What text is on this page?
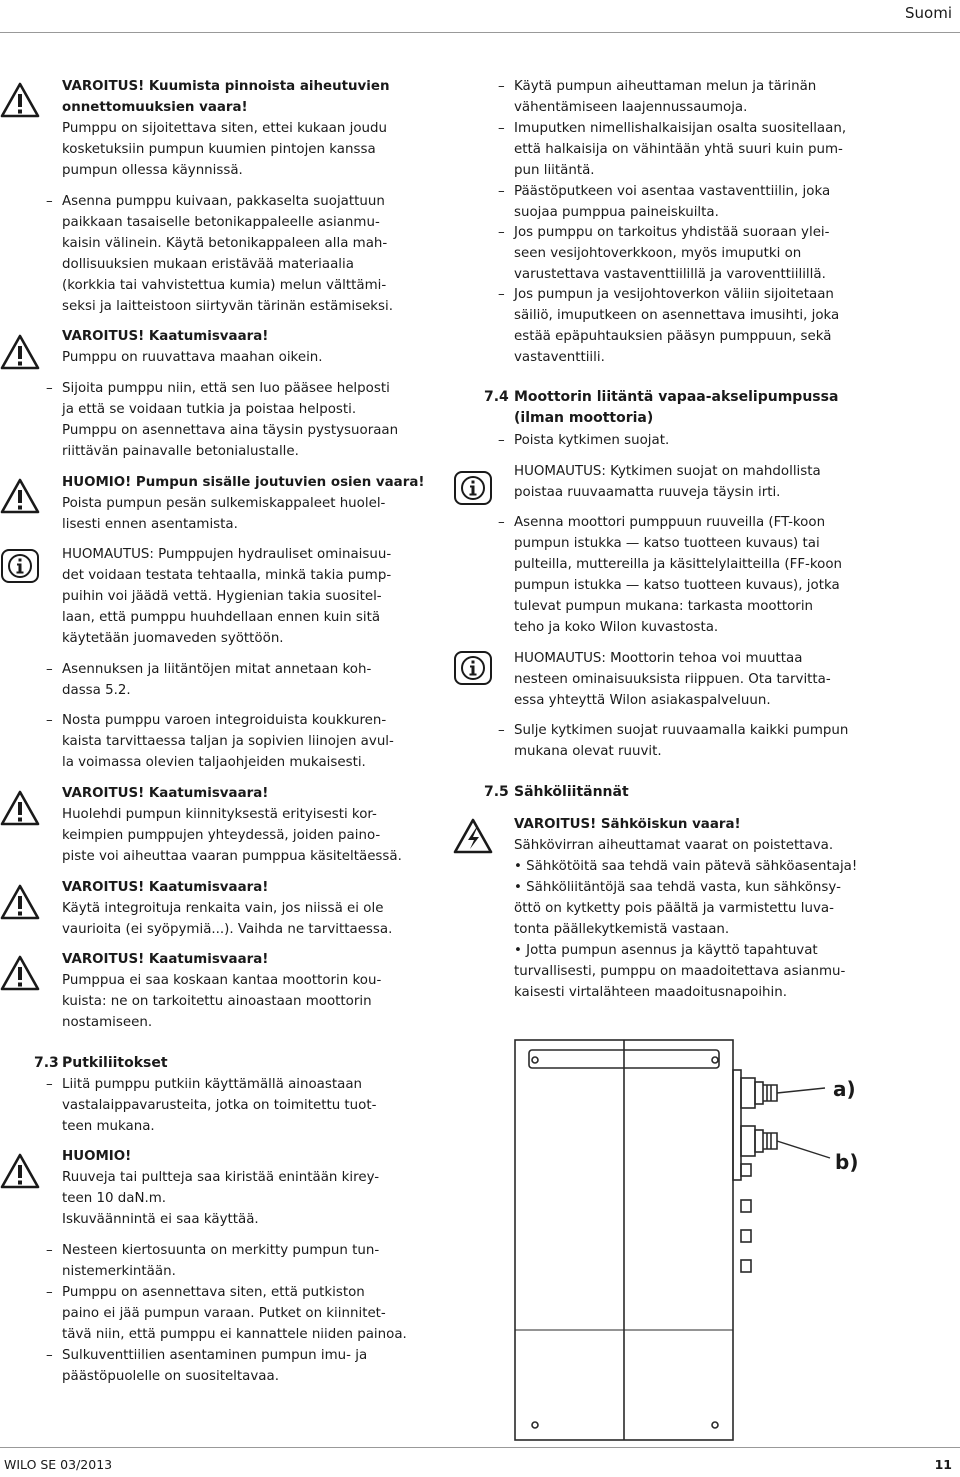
Suomi
VAROITUS! Kuumista pinnoista aiheutuvien
onnettomuuksien vaara!
Pumppu on sijoitettava siten, ettei kukaan joudu
kosketuksiin pumpun kuumien pintojen kanssa
pumpun ollessa käynnissä.
– Asenna pumppu kuivaan, pakkaselta suojattuun
paikkaan tasaiselle betonikappaleelle asianmu-
kaisin välinein. Käytä betonikappaleen alla mah-
dollisuuksien mukaan eristävää materiaalia
(korkkia tai vahvistettua kumia) melun välttämi-
seksi ja laitteistoon siirtyvän tärinän estämiseksi.
VAROITUS! Kaatumisvaara!
Pumppu on ruuvattava maahan oikein.
– Sijoita pumppu niin, että sen luo pääsee helposti
ja että se voidaan tutkia ja poistaa helposti.
Pumppu on asennettava aina täysin pystysuoraan
riittävän painavalle betonialustalle.
HUOMIO! Pumpun sisälle joutuvien osien vaara!
Poista pumpun pesän sulkemiskappaleet huolel-
lisesti ennen asentamista.
HUOMAUTUS: Pumppujen hydrauliset ominaisuu-
det voidaan testata tehtaalla, minkä takia pump-
puihin voi jäädä vettä. Hygienian takia suositel-
laan, että pumppu huuhdellaan ennen kuin sitä
käytetään juomaveden syöttöön.
– Asennuksen ja liitäntöjen mitat annetaan koh-
dassa 5.2.
– Nosta pumppu varoen integroiduista koukkuren-
kaista tarvittaessa taljan ja sopivien liinojen avul-
la voimassa olevien taljaohjeiden mukaisesti.
VAROITUS! Kaatumisvaara!
Huolehdi pumpun kiinnityksestä erityisesti kor-
keimpien pumppujen yhteydessä, joiden paino-
piste voi aiheuttaa vaaran pumppua käsiteltäessä.
VAROITUS! Kaatumisvaara!
Käytä integroituja renkaita vain, jos niissä ei ole
vaurioita (ei syöpymiä...). Vaihda ne tarvittaessa.
VAROITUS! Kaatumisvaara!
Pumppua ei saa koskaan kantaa moottorin kou-
kuista: ne on tarkoitettu ainoastaan moottorin
nostamiseen.
7.3 Putkiliitokset
– Liitä pumppu putkiin käyttämällä ainoastaan
vastalaippavarusteita, jotka on toimitettu tuot-
teen mukana.
HUOMIO!
Ruuveja tai pultteja saa kiristää enintään kirey-
teen 10 daN.m.
Iskuväännintä ei saa käyttää.
– Nesteen kiertosuunta on merkitty pumpun tun-
nistemerkintään.
– Pumppu on asennettava siten, että putkiston
paino ei jää pumpun varaan. Putket on kiinnitet-
tävä niin, että pumppu ei kannattele niiden painoa.
– Sulkuventtiilien asentaminen pumpun imu- ja
päästöpuolelle on suositeltavaa.
– Käytä pumpun aiheuttaman melun ja tärinän
vähentämiseen laajennussaumoja.
– Imuputken nimellishalkaisijan osalta suositellaan,
että halkaisija on vähintään yhtä suuri kuin pum-
pun liitäntä.
– Päästöputkeen voi asentaa vastaventtiilin, joka
suojaa pumppua paineiskuilta.
– Jos pumppu on tarkoitus yhdistää suoraan ylei-
seen vesijohtoverkkoon, myös imuputki on
varustettava vastaventtiilillä ja varoventtiilillä.
– Jos pumpun ja vesijohtoverkon väliin sijoitetaan
säiliö, imuputkeen on asennettava imusihti, joka
estää epäpuhtauksien pääsyn pumppuun, sekä
vastaventtiili.
7.4 Moottorin liitäntä vapaa-akselipumpussa
(ilman moottoria)
– Poista kytkimen suojat.
HUOMAUTUS: Kytkimen suojat on mahdollista
poistaa ruuvaamatta ruuveja täysin irti.
– Asenna moottori pumppuun ruuveilla (FT-koon
pumpun istukka — katso tuotteen kuvaus) tai
pulteilla, muttereilla ja käsittelylaitteilla (FF-koon
pumpun istukka — katso tuotteen kuvaus), jotka
tulevat pumpun mukana: tarkasta moottorin
teho ja koko Wilon kuvastosta.
HUOMAUTUS: Moottorin tehoa voi muuttaa
nesteen ominaisuuksista riippuen. Ota tarvitta-
essa yhteyttä Wilon asiakaspalveluun.
– Sulje kytkimen suojat ruuvaamalla kaikki pumpun
mukana olevat ruuvit.
7.5 Sähköliitännät
VAROITUS! Sähköiskun vaara!
Sähkövirran aiheuttamat vaarat on poistettava.
• Sähkötöitä saa tehdä vain pätevä sähköasentaja!
• Sähköliitäntöjä saa tehdä vasta, kun sähkönsy-
öttö on kytketty pois päältä ja varmistettu luva-
tonta päällekytkemistä vastaan.
• Jotta pumpun asennus ja käyttö tapahtuvat
turvallisesti, pumppu on maadoitettava asianmu-
kaisesti virtalähteen maadoitusnapoihin.
a)
b)
WILO SE 03/2013	11
